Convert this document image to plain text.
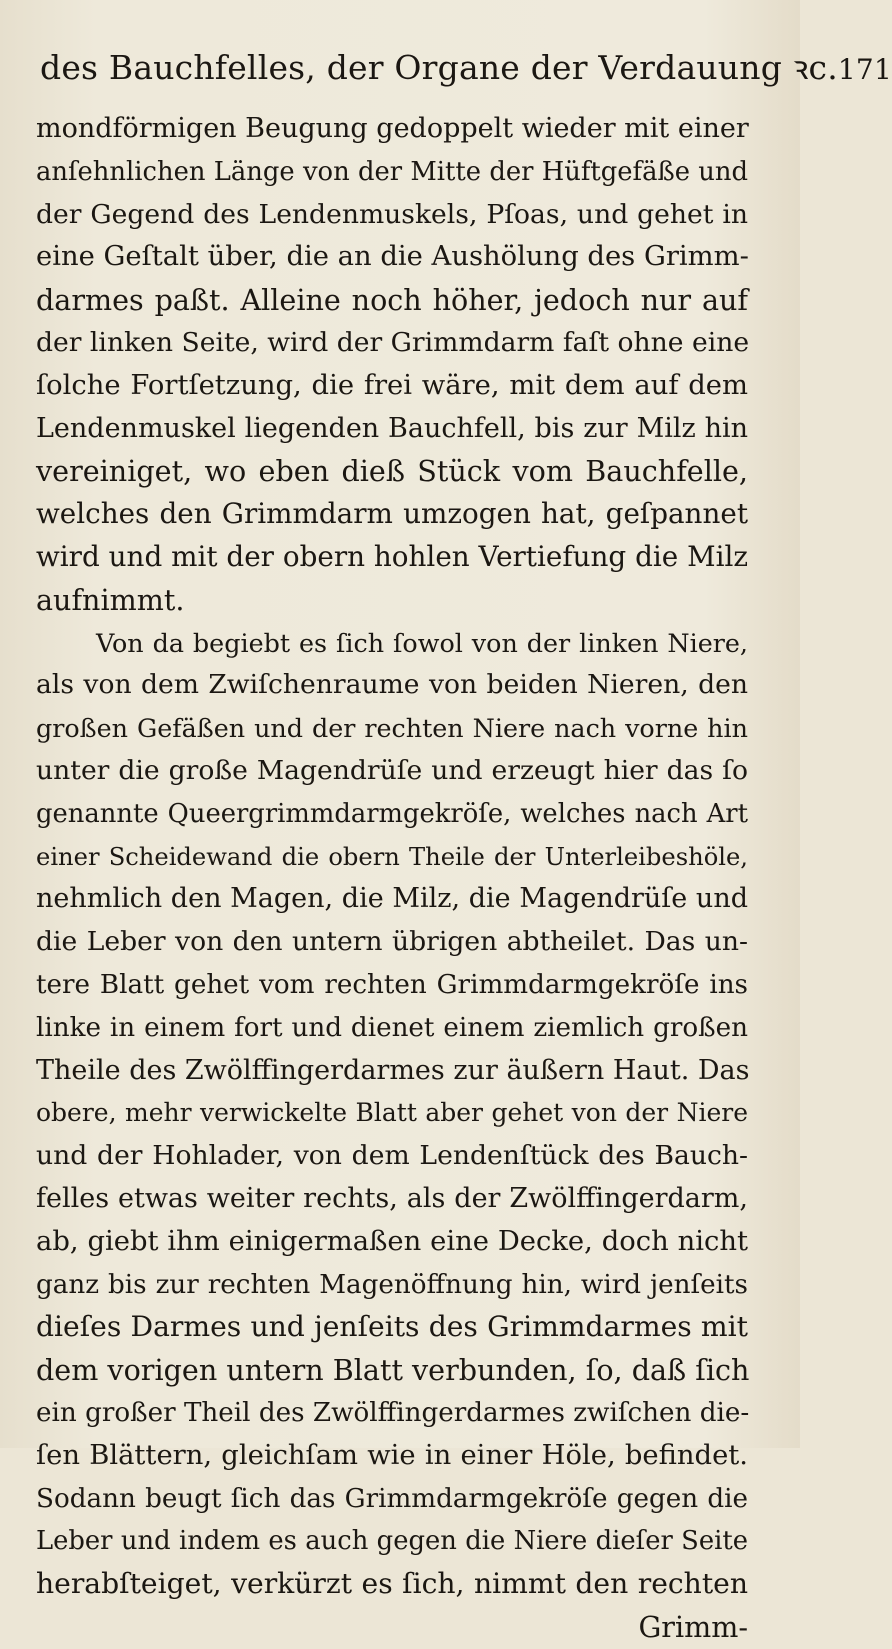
des Bauchfelles, der Organe der Verdauung ꝛc. 171
mondförmigen Beugung gedoppelt wieder mit einer
anſehnlichen Länge von der Mitte der Hüftgefäße und
der Gegend des Lendenmuskels, Pſoas, und gehet in
eine Geſtalt über, die an die Aushölung des Grimm-
darmes paßt. Alleine noch höher, jedoch nur auf
der linken Seite, wird der Grimmdarm faſt ohne eine
ſolche Fortſetzung, die frei wäre, mit dem auf dem
Lendenmuskel liegenden Bauchfell, bis zur Milz hin
vereiniget, wo eben dieß Stück vom Bauchfelle,
welches den Grimmdarm umzogen hat, geſpannet
wird und mit der obern hohlen Vertiefung die Milz
aufnimmt.
Von da begiebt es ſich ſowol von der linken Niere,
als von dem Zwiſchenraume von beiden Nieren, den
großen Gefäßen und der rechten Niere nach vorne hin
unter die große Magendrüſe und erzeugt hier das ſo
genannte Queergrimmdarmgekröſe, welches nach Art
einer Scheidewand die obern Theile der Unterleibeshöle,
nehmlich den Magen, die Milz, die Magendrüſe und
die Leber von den untern übrigen abtheilet. Das un-
tere Blatt gehet vom rechten Grimmdarmgekröſe ins
linke in einem fort und dienet einem ziemlich großen
Theile des Zwölffingerdarmes zur äußern Haut. Das
obere, mehr verwickelte Blatt aber gehet von der Niere
und der Hohlader, von dem Lendenſtück des Bauch-
felles etwas weiter rechts, als der Zwölffingerdarm,
ab, giebt ihm einigermaßen eine Decke, doch nicht
ganz bis zur rechten Magenöffnung hin, wird jenſeits
dieſes Darmes und jenſeits des Grimmdarmes mit
dem vorigen untern Blatt verbunden, ſo, daß ſich
ein großer Theil des Zwölffingerdarmes zwiſchen die-
ſen Blättern, gleichſam wie in einer Höle, befindet.
Sodann beugt ſich das Grimmdarmgekröſe gegen die
Leber und indem es auch gegen die Niere dieſer Seite
herabſteiget, verkürzt es ſich, nimmt den rechten
Grimm-
